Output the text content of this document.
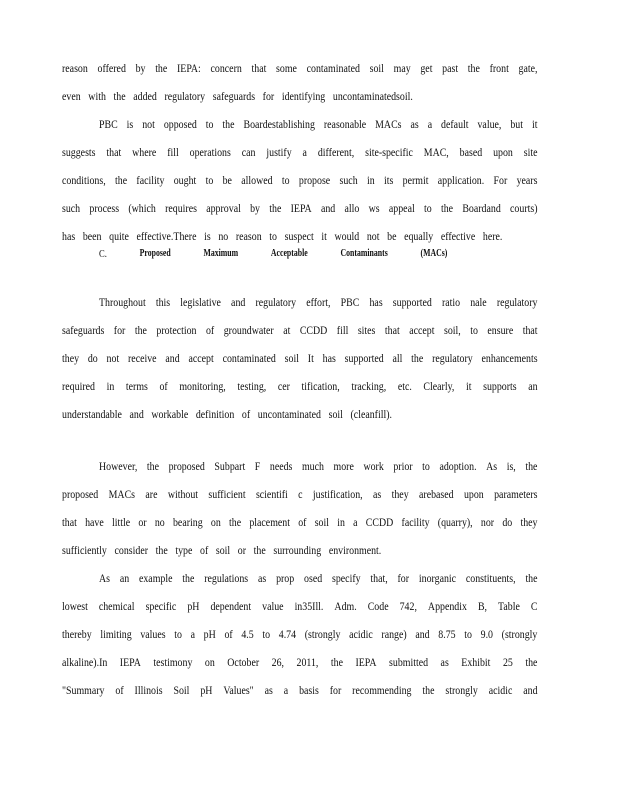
reason offered by the IEPA: concern that some contaminated soil may get past the front gate,
even with the added regulatory safeguards for identifying uncontaminatedsoil.
PBC is not opposed to the Boardestablishing reasonable MACs as a default value, but it
suggests that where fill operations can justify a different, site-specific MAC, based upon site
conditions, the facility ought to be allowed to propose such in its permit application. For years
such process (which requires approval by the IEPA and allo ws appeal to the Boardand courts)
has been quite effective.There is no reason to suspect it would not be equally effective here.
Throughout this legislative and regulatory effort, PBC has supported ratio nale regulatory
safeguards for the protection of groundwater at CCDD fill sites that accept soil, to ensure that
they do not receive and accept contaminated soil It has supported all the regulatory enhancements
required in terms of monitoring, testing, cer tification, tracking, etc. Clearly, it supports an
understandable and workable definition of uncontaminated soil (cleanfill).
However, the proposed Subpart F needs much more work prior to adoption. As is, the
proposed MACs are without sufficient scientifi c justification, as they arebased upon parameters
that have little or no bearing on the placement of soil in a CCDD facility (quarry), nor do they
sufficiently consider the type of soil or the surrounding environment.
As an example the regulations as prop osed specify that, for inorganic constituents, the
lowest chemical specific pH dependent value in35Ill. Adm. Code 742, Appendix B, Table C
thereby limiting values to a pH of 4.5 to 4.74 (strongly acidic range) and 8.75 to 9.0 (strongly
alkaline).In IEPA testimony on October 26, 2011, the IEPA submitted as Exhibit 25 the
"Summary of Illinois Soil pH Values" as a basis for recommending the strongly acidic and
C.	Proposed	Maximum	Acceptable	Contaminants	(MACs)
